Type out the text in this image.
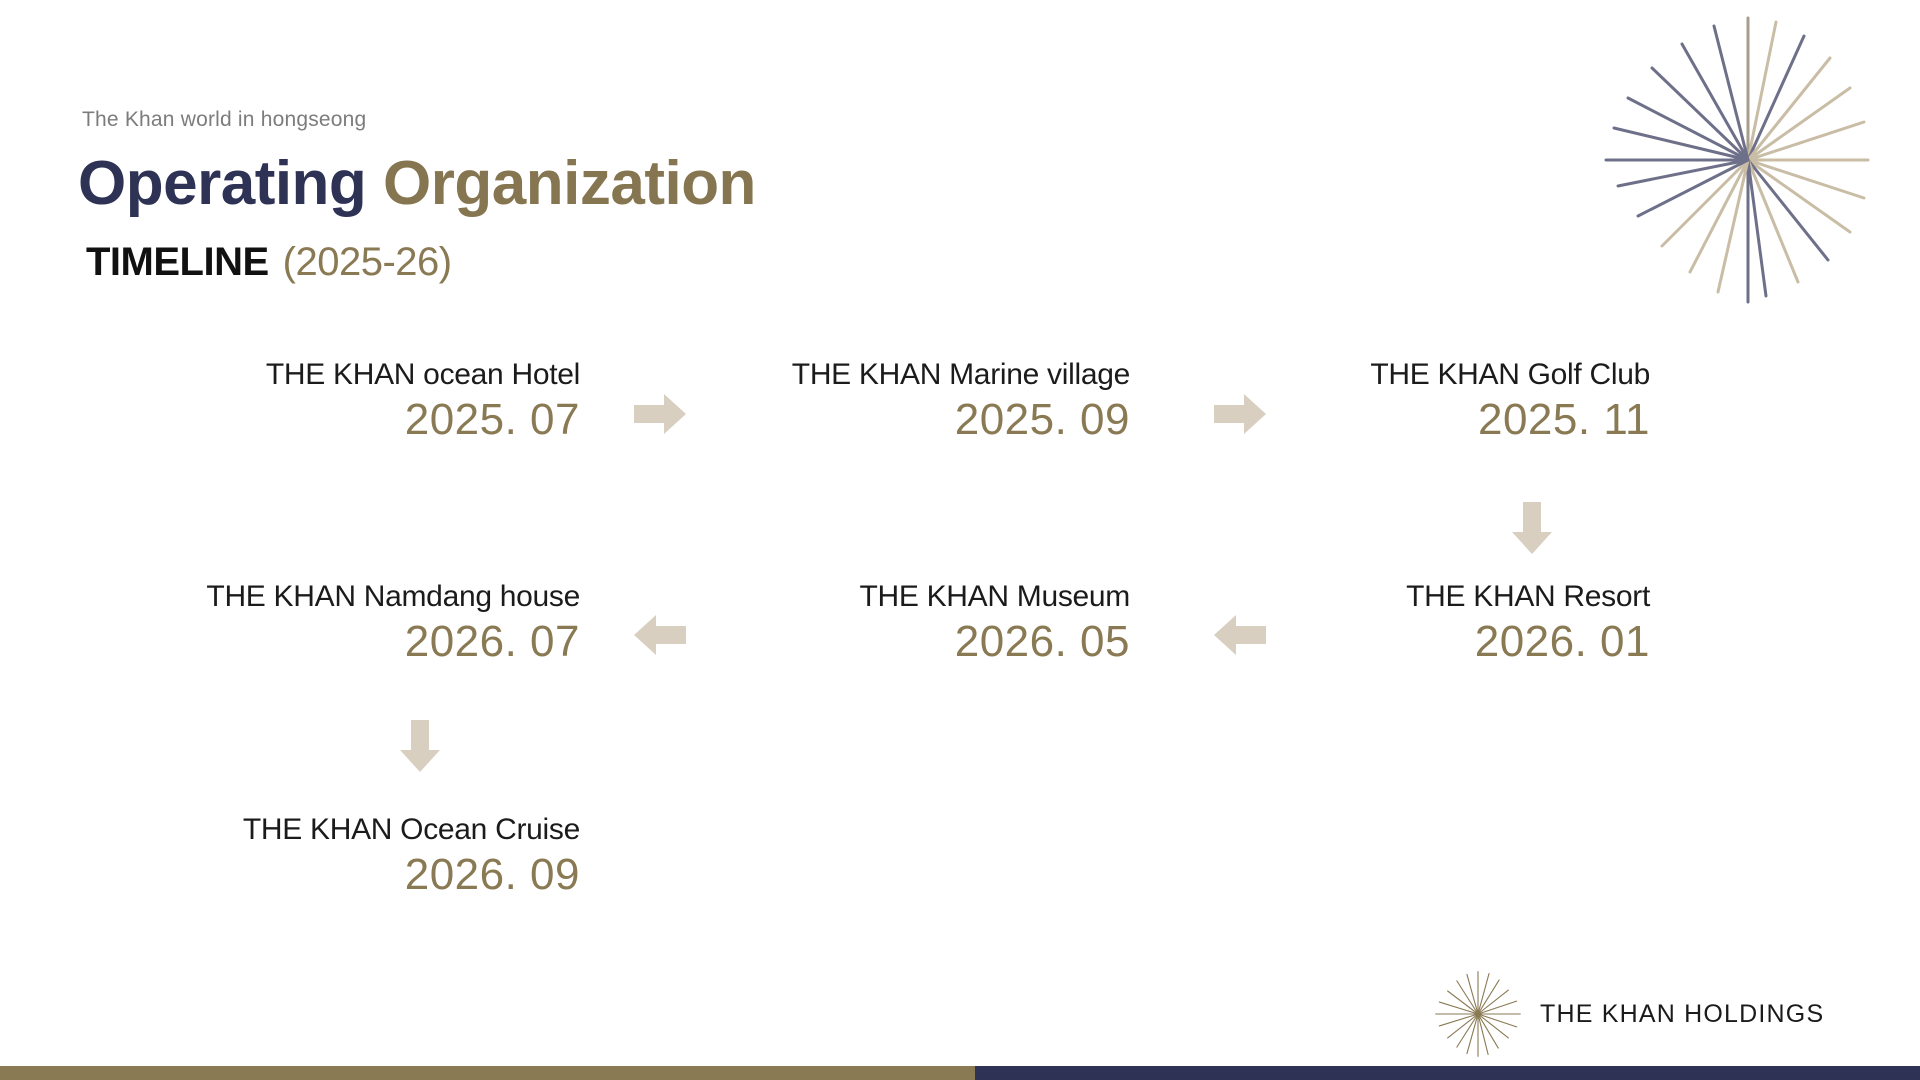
The Khan world in hongseong
Operating Organization
TIMELINE (2025-26)
THE KHAN ocean Hotel
2025. 07
THE KHAN Marine village
2025. 09
THE KHAN Golf Club
2025. 11
THE KHAN Resort
2026. 01
THE KHAN Museum
2026. 05
THE KHAN Namdang house
2026. 07
THE KHAN Ocean Cruise
2026. 09
THE KHAN HOLDINGS
